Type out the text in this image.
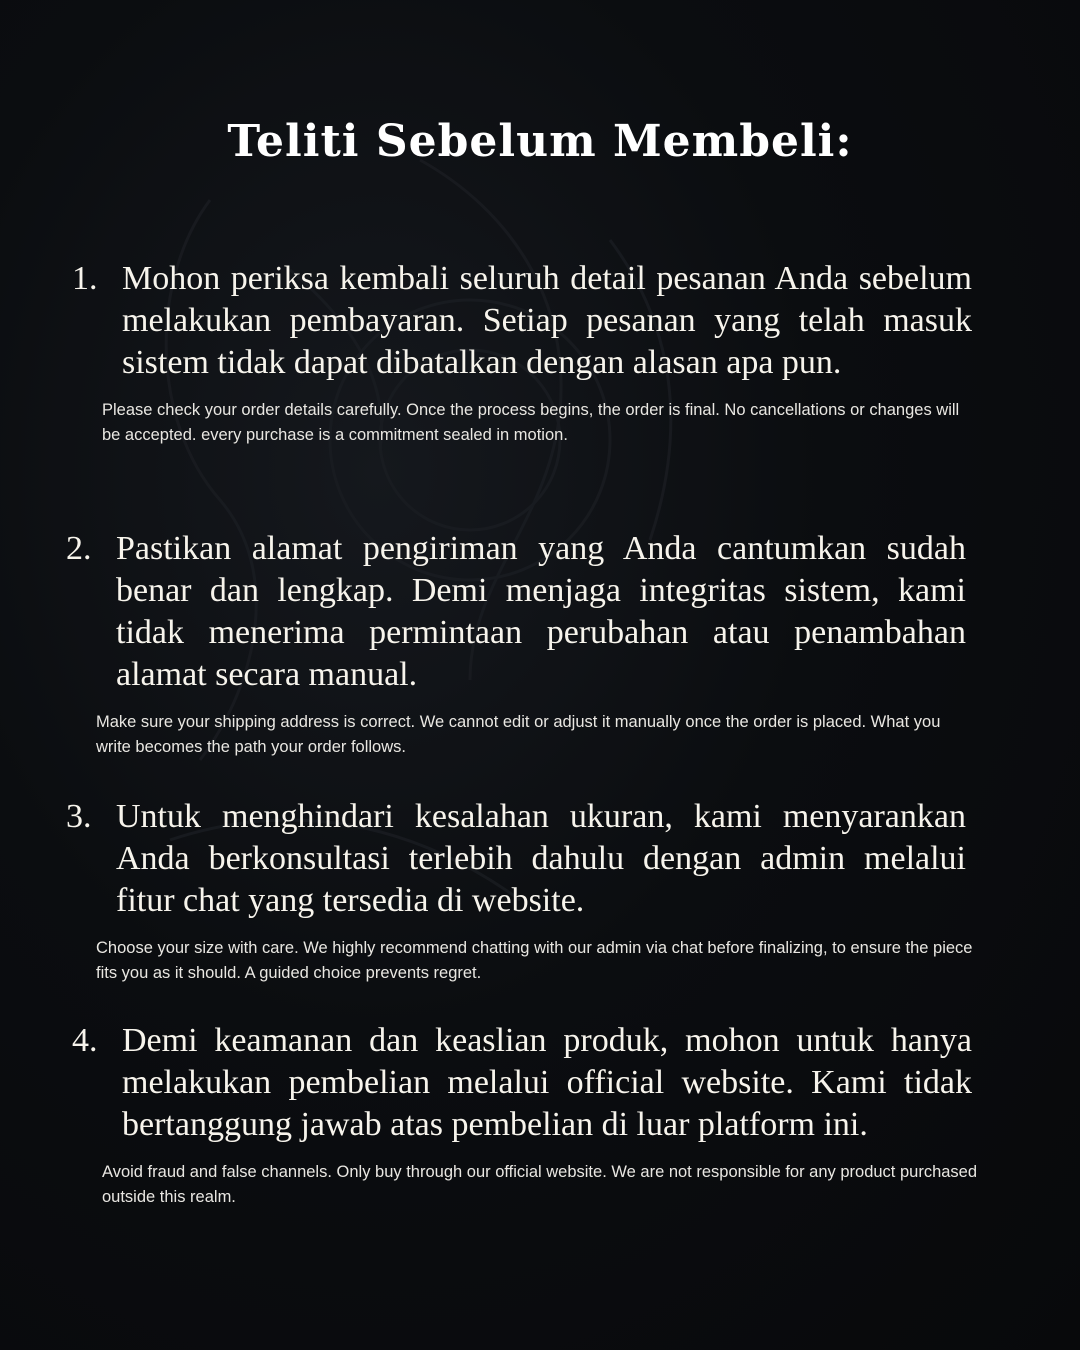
Teliti Sebelum Membeli:

1. Mohon periksa kembali seluruh detail pesanan Anda sebelum melakukan pembayaran. Setiap pesanan yang telah masuk sistem tidak dapat dibatalkan dengan alasan apa pun.

Please check your order details carefully. Once the process begins, the order is final. No cancellations or changes will be accepted. every purchase is a commitment sealed in motion.

2. Pastikan alamat pengiriman yang Anda cantumkan sudah benar dan lengkap. Demi menjaga integritas sistem, kami tidak menerima permintaan perubahan atau penambahan alamat secara manual.

Make sure your shipping address is correct. We cannot edit or adjust it manually once the order is placed. What you write becomes the path your order follows.

3. Untuk menghindari kesalahan ukuran, kami menyarankan Anda berkonsultasi terlebih dahulu dengan admin melalui fitur chat yang tersedia di website.

Choose your size with care. We highly recommend chatting with our admin via chat before finalizing, to ensure the piece fits you as it should. A guided choice prevents regret.

4. Demi keamanan dan keaslian produk, mohon untuk hanya melakukan pembelian melalui official website. Kami tidak bertanggung jawab atas pembelian di luar platform ini.

Avoid fraud and false channels. Only buy through our official website. We are not responsible for any product purchased outside this realm.
